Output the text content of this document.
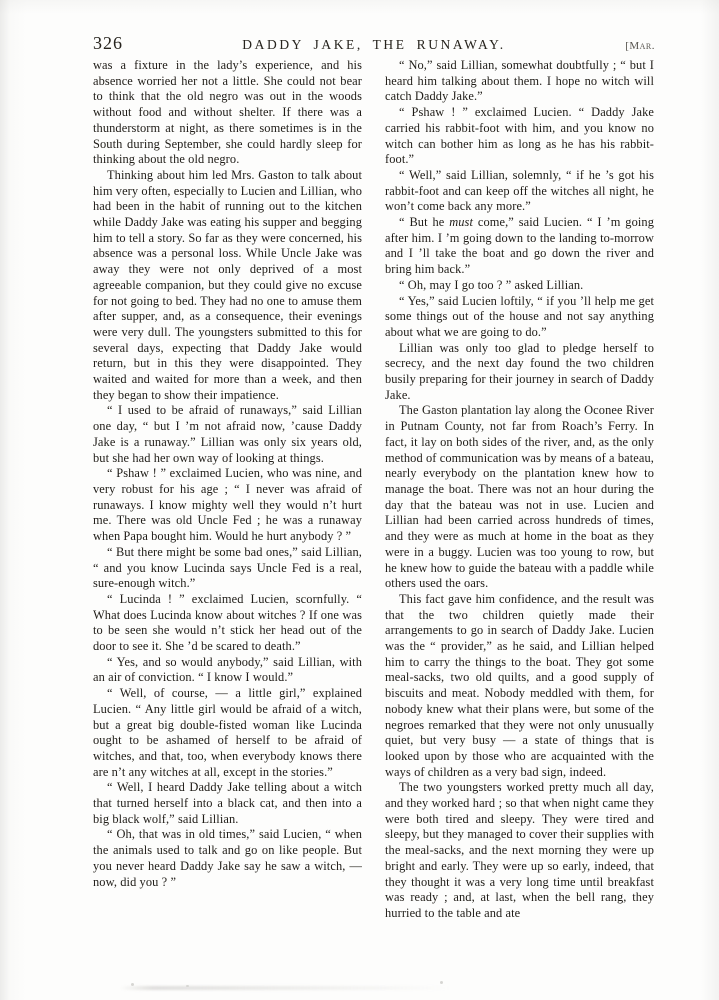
326	DADDY JAKE, THE RUNAWAY.	[Mar.

was a fixture in the lady’s experience, and his absence worried her not a little. She could not bear to think that the old negro was out in the woods without food and without shelter. If there was a thunderstorm at night, as there sometimes is in the South during September, she could hardly sleep for thinking about the old negro.

Thinking about him led Mrs. Gaston to talk about him very often, especially to Lucien and Lillian, who had been in the habit of running out to the kitchen while Daddy Jake was eating his supper and begging him to tell a story. So far as they were concerned, his absence was a personal loss. While Uncle Jake was away they were not only deprived of a most agreeable companion, but they could give no excuse for not going to bed. They had no one to amuse them after supper, and, as a consequence, their evenings were very dull. The youngsters submitted to this for several days, expecting that Daddy Jake would return, but in this they were disappointed. They waited and waited for more than a week, and then they began to show their impatience.

“ I used to be afraid of runaways,” said Lillian one day, “ but I ’m not afraid now, ’cause Daddy Jake is a runaway.” Lillian was only six years old, but she had her own way of looking at things.

“ Pshaw ! ” exclaimed Lucien, who was nine, and very robust for his age ; “ I never was afraid of runaways. I know mighty well they would n’t hurt me. There was old Uncle Fed ; he was a runaway when Papa bought him. Would he hurt anybody ? ”

“ But there might be some bad ones,” said Lillian, “ and you know Lucinda says Uncle Fed is a real, sure-enough witch.”

“ Lucinda ! ” exclaimed Lucien, scornfully. “ What does Lucinda know about witches ? If one was to be seen she would n’t stick her head out of the door to see it. She ’d be scared to death.”

“ Yes, and so would anybody,” said Lillian, with an air of conviction. “ I know I would.”

“ Well, of course, — a little girl,” explained Lucien. “ Any little girl would be afraid of a witch, but a great big double-fisted woman like Lucinda ought to be ashamed of herself to be afraid of witches, and that, too, when everybody knows there are n’t any witches at all, except in the stories.”

“ Well, I heard Daddy Jake telling about a witch that turned herself into a black cat, and then into a big black wolf,” said Lillian.

“ Oh, that was in old times,” said Lucien, “ when the animals used to talk and go on like people. But you never heard Daddy Jake say he saw a witch, — now, did you ? ”

“ No,” said Lillian, somewhat doubtfully ; “ but I heard him talking about them. I hope no witch will catch Daddy Jake.”

“ Pshaw ! ” exclaimed Lucien. “ Daddy Jake carried his rabbit-foot with him, and you know no witch can bother him as long as he has his rabbit-foot.”

“ Well,” said Lillian, solemnly, “ if he ’s got his rabbit-foot and can keep off the witches all night, he won’t come back any more.”

“ But he must come,” said Lucien. “ I ’m going after him. I ’m going down to the landing to-morrow and I ’ll take the boat and go down the river and bring him back.”

“ Oh, may I go too ? ” asked Lillian.

“ Yes,” said Lucien loftily, “ if you ’ll help me get some things out of the house and not say anything about what we are going to do.”

Lillian was only too glad to pledge herself to secrecy, and the next day found the two children busily preparing for their journey in search of Daddy Jake.

The Gaston plantation lay along the Oconee River in Putnam County, not far from Roach’s Ferry. In fact, it lay on both sides of the river, and, as the only method of communication was by means of a bateau, nearly everybody on the plantation knew how to manage the boat. There was not an hour during the day that the bateau was not in use. Lucien and Lillian had been carried across hundreds of times, and they were as much at home in the boat as they were in a buggy. Lucien was too young to row, but he knew how to guide the bateau with a paddle while others used the oars.

This fact gave him confidence, and the result was that the two children quietly made their arrangements to go in search of Daddy Jake. Lucien was the “ provider,” as he said, and Lillian helped him to carry the things to the boat. They got some meal-sacks, two old quilts, and a good supply of biscuits and meat. Nobody meddled with them, for nobody knew what their plans were, but some of the negroes remarked that they were not only unusually quiet, but very busy — a state of things that is looked upon by those who are acquainted with the ways of children as a very bad sign, indeed.

The two youngsters worked pretty much all day, and they worked hard ; so that when night came they were both tired and sleepy. They were tired and sleepy, but they managed to cover their supplies with the meal-sacks, and the next morning they were up bright and early. They were up so early, indeed, that they thought it was a very long time until breakfast was ready ; and, at last, when the bell rang, they hurried to the table and ate
